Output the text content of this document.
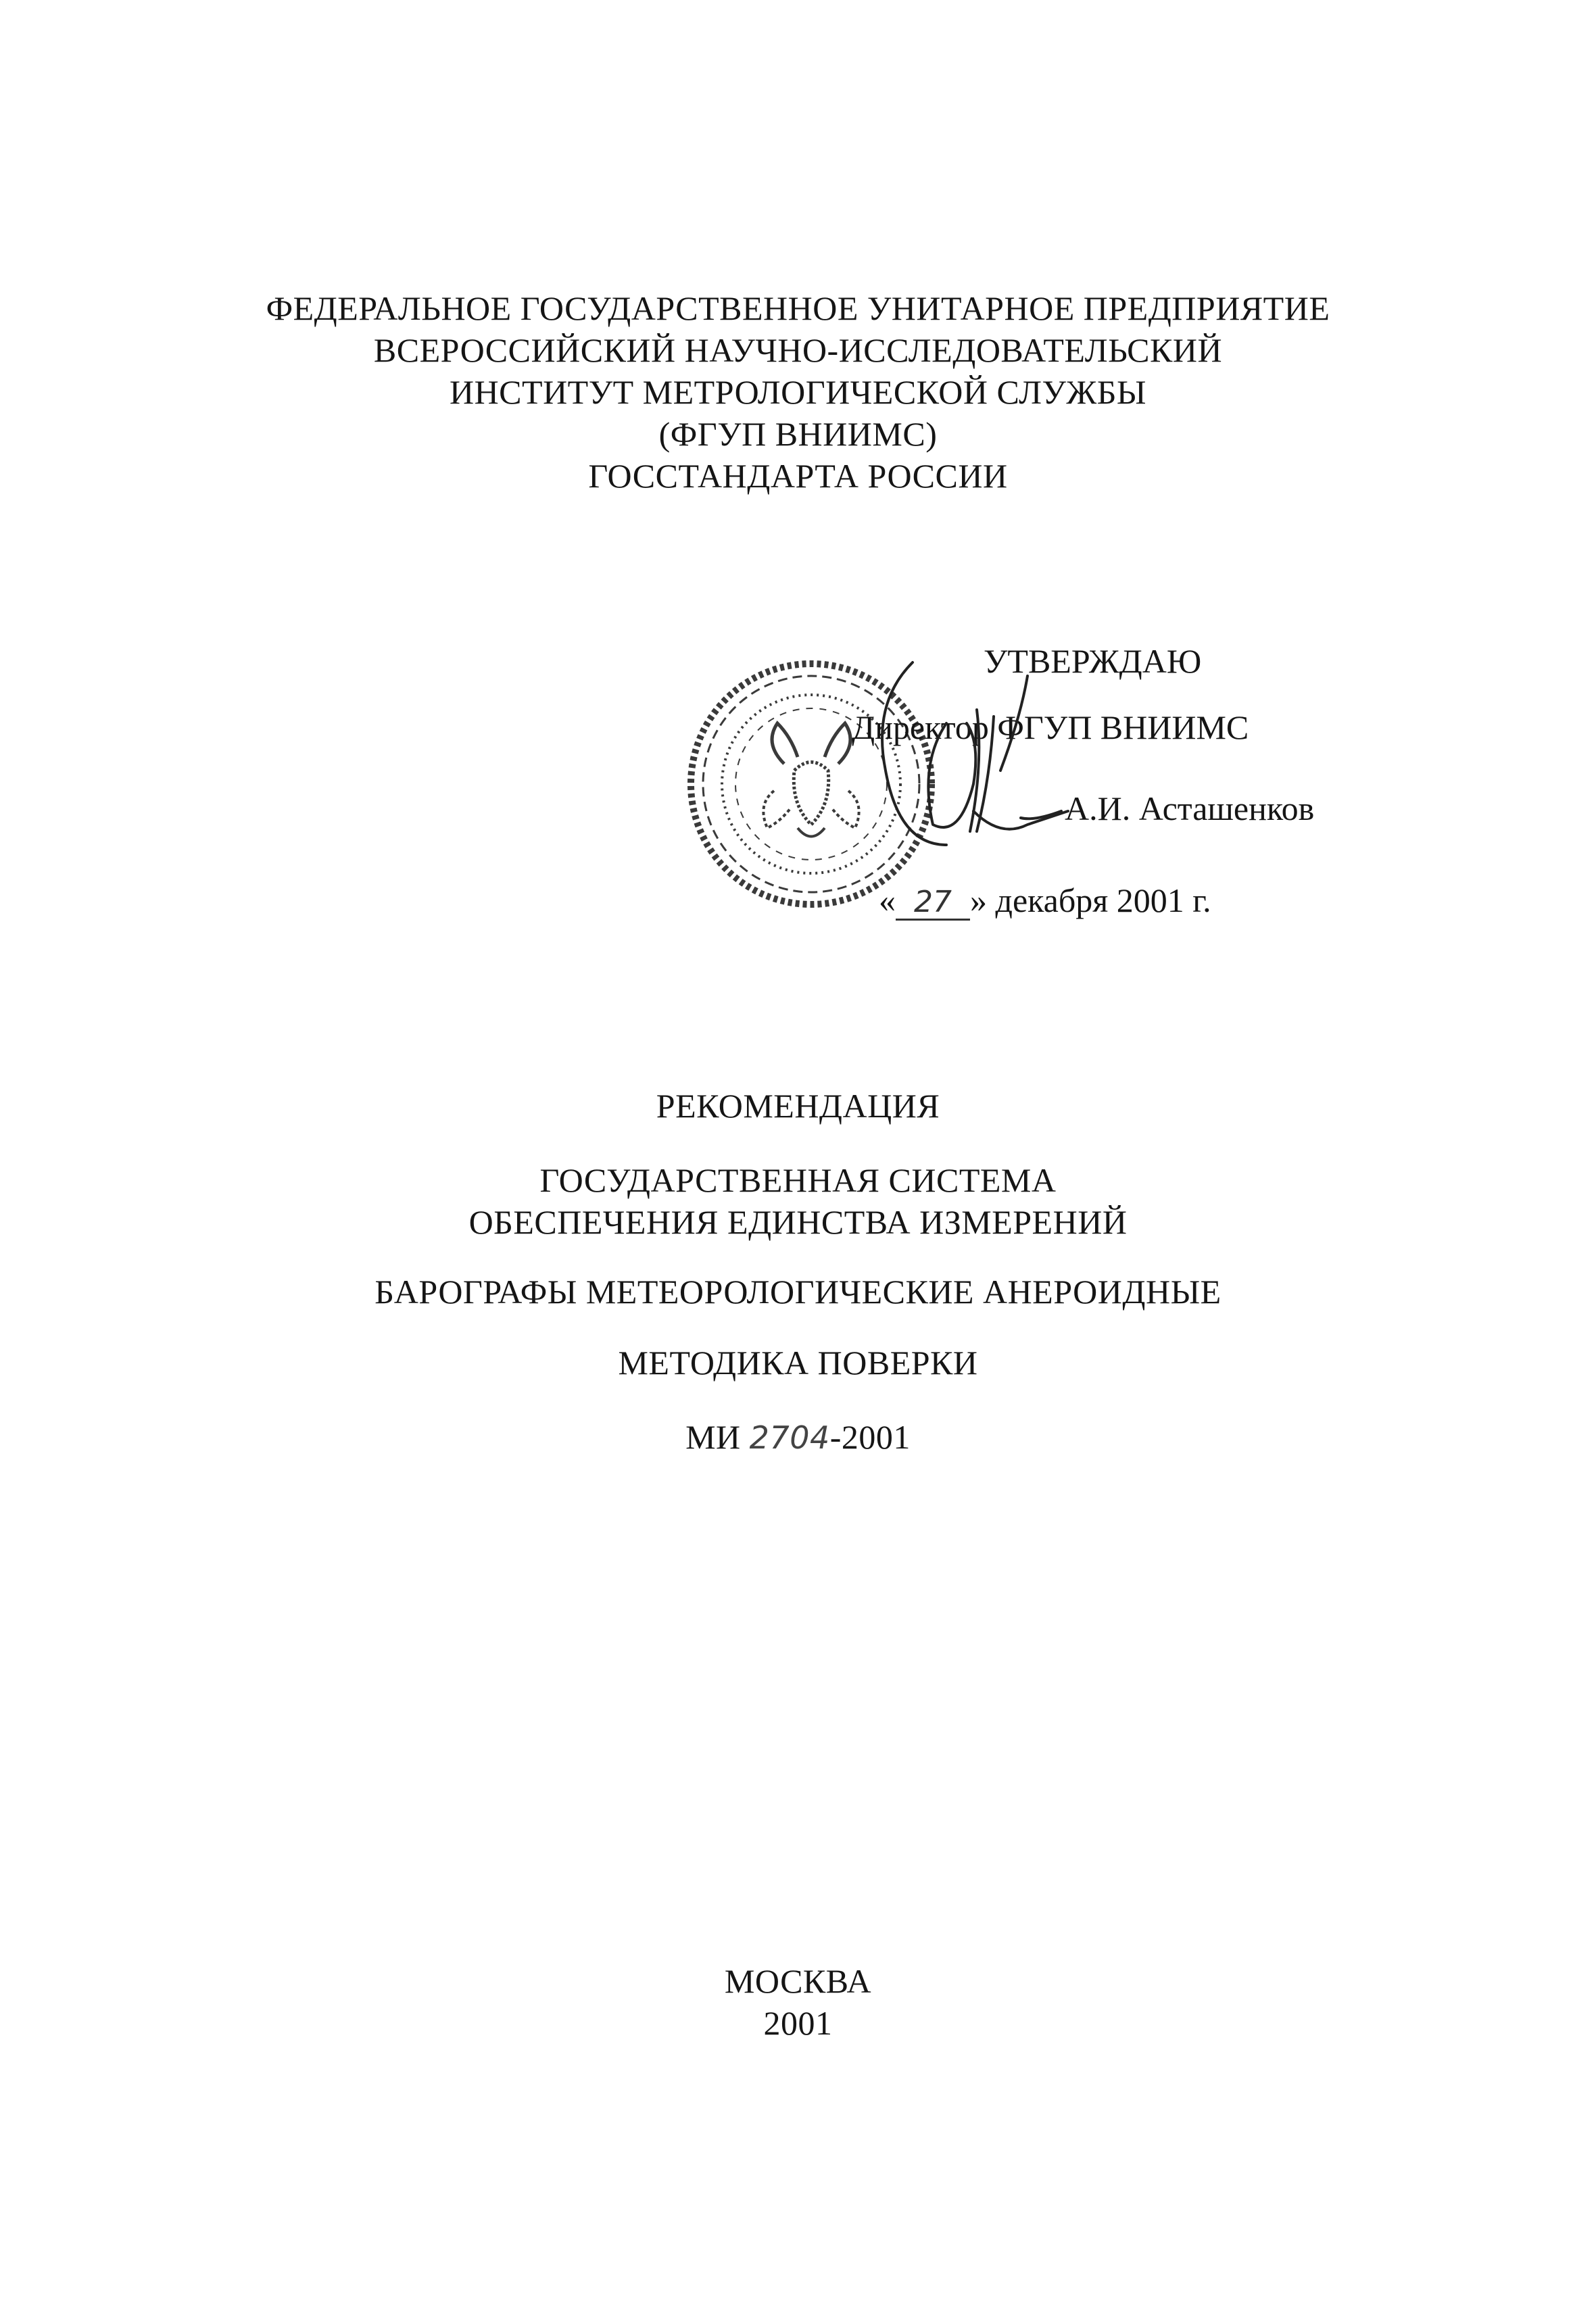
ФЕДЕРАЛЬНОЕ ГОСУДАРСТВЕННОЕ УНИТАРНОЕ ПРЕДПРИЯТИЕ
ВСЕРОССИЙСКИЙ НАУЧНО-ИССЛЕДОВАТЕЛЬСКИЙ
ИНСТИТУТ МЕТРОЛОГИЧЕСКОЙ СЛУЖБЫ
(ФГУП ВНИИМС)
ГОССТАНДАРТА РОССИИ
УТВЕРЖДАЮ
Директор ФГУП ВНИИМС
А.И. Асташенков
« 27 » декабря 2001 г.
РЕКОМЕНДАЦИЯ
ГОСУДАРСТВЕННАЯ СИСТЕМА
ОБЕСПЕЧЕНИЯ ЕДИНСТВА ИЗМЕРЕНИЙ
БАРОГРАФЫ МЕТЕОРОЛОГИЧЕСКИЕ АНЕРОИДНЫЕ
МЕТОДИКА ПОВЕРКИ
МИ 2704-2001
МОСКВА
2001
